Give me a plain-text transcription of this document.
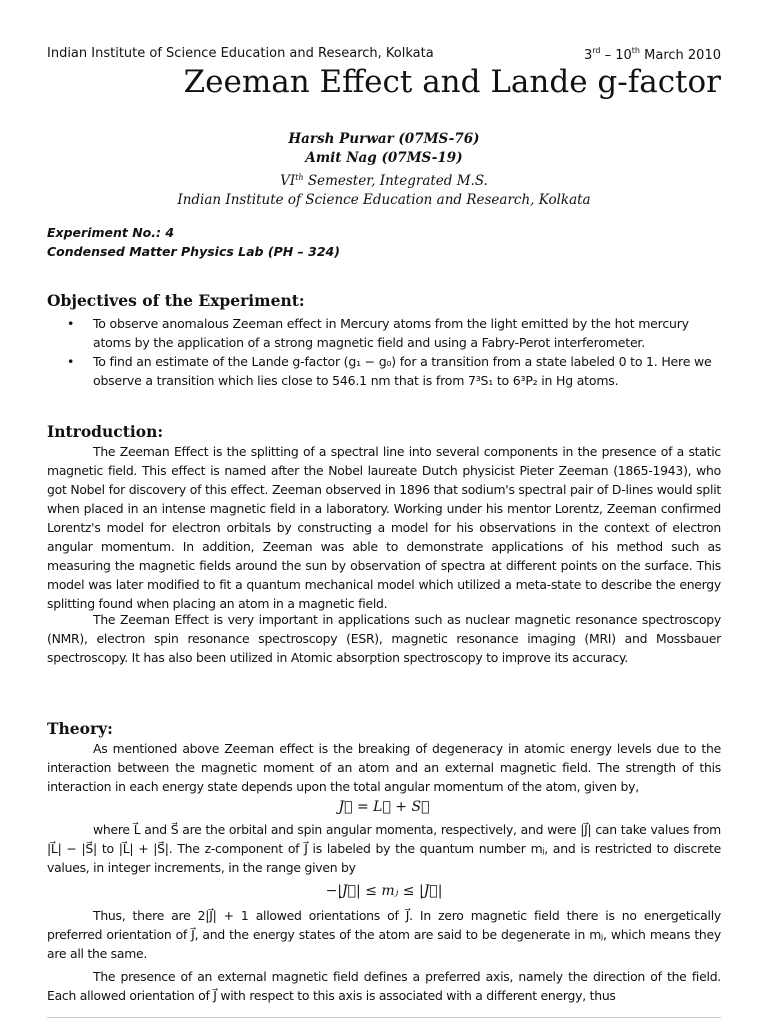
Indian Institute of Science Education and Research, Kolkata	3rd – 10th March 2010
Zeeman Effect and Lande g-factor
Harsh Purwar (07MS-76)
Amit Nag (07MS-19)
VIth Semester, Integrated M.S.
Indian Institute of Science Education and Research, Kolkata
Experiment No.: 4
Condensed Matter Physics Lab (PH – 324)
Objectives of the Experiment:
• To observe anomalous Zeeman effect in Mercury atoms from the light emitted by the hot mercury atoms by the application of a strong magnetic field and using a Fabry-Perot interferometer.
• To find an estimate of the Lande g-factor (g₁ − g₀) for a transition from a state labeled 0 to 1. Here we observe a transition which lies close to 546.1 nm that is from 7³S₁ to 6³P₂ in Hg atoms.
Introduction:

The Zeeman Effect is the splitting of a spectral line into several components in the presence of a static magnetic field. This effect is named after the Nobel laureate Dutch physicist Pieter Zeeman (1865-1943), who got Nobel for discovery of this effect. Zeeman observed in 1896 that sodium's spectral pair of D-lines would split when placed in an intense magnetic field in a laboratory. Working under his mentor Lorentz, Zeeman confirmed Lorentz's model for electron orbitals by constructing a model for his observations in the context of electron angular momentum. In addition, Zeeman was able to demonstrate applications of his method such as measuring the magnetic fields around the sun by observation of spectra at different points on the surface. This model was later modified to fit a quantum mechanical model which utilized a meta-state to describe the energy splitting found when placing an atom in a magnetic field.

The Zeeman Effect is very important in applications such as nuclear magnetic resonance spectroscopy (NMR), electron spin resonance spectroscopy (ESR), magnetic resonance imaging (MRI) and Mossbauer spectroscopy. It has also been utilized in Atomic absorption spectroscopy to improve its accuracy.

Theory:

As mentioned above Zeeman effect is the breaking of degeneracy in atomic energy levels due to the interaction between the magnetic moment of an atom and an external magnetic field. The strength of this interaction in each energy state depends upon the total angular momentum of the atom, given by,

J⃗ = L⃗ + S⃗

where L⃗ and S⃗ are the orbital and spin angular momenta, respectively, and were |J⃗| can take values from |L⃗| − |S⃗| to |L⃗| + |S⃗|. The z-component of J⃗ is labeled by the quantum number mⱼ, and is restricted to discrete values, in integer increments, in the range given by

−|J⃗| ≤ mⱼ ≤ |J⃗|

Thus, there are 2|J⃗| + 1 allowed orientations of J⃗. In zero magnetic field there is no energetically preferred orientation of J⃗, and the energy states of the atom are said to be degenerate in mⱼ, which means they are all the same.

The presence of an external magnetic field defines a preferred axis, namely the direction of the field. Each allowed orientation of J⃗ with respect to this axis is associated with a different energy, thus
